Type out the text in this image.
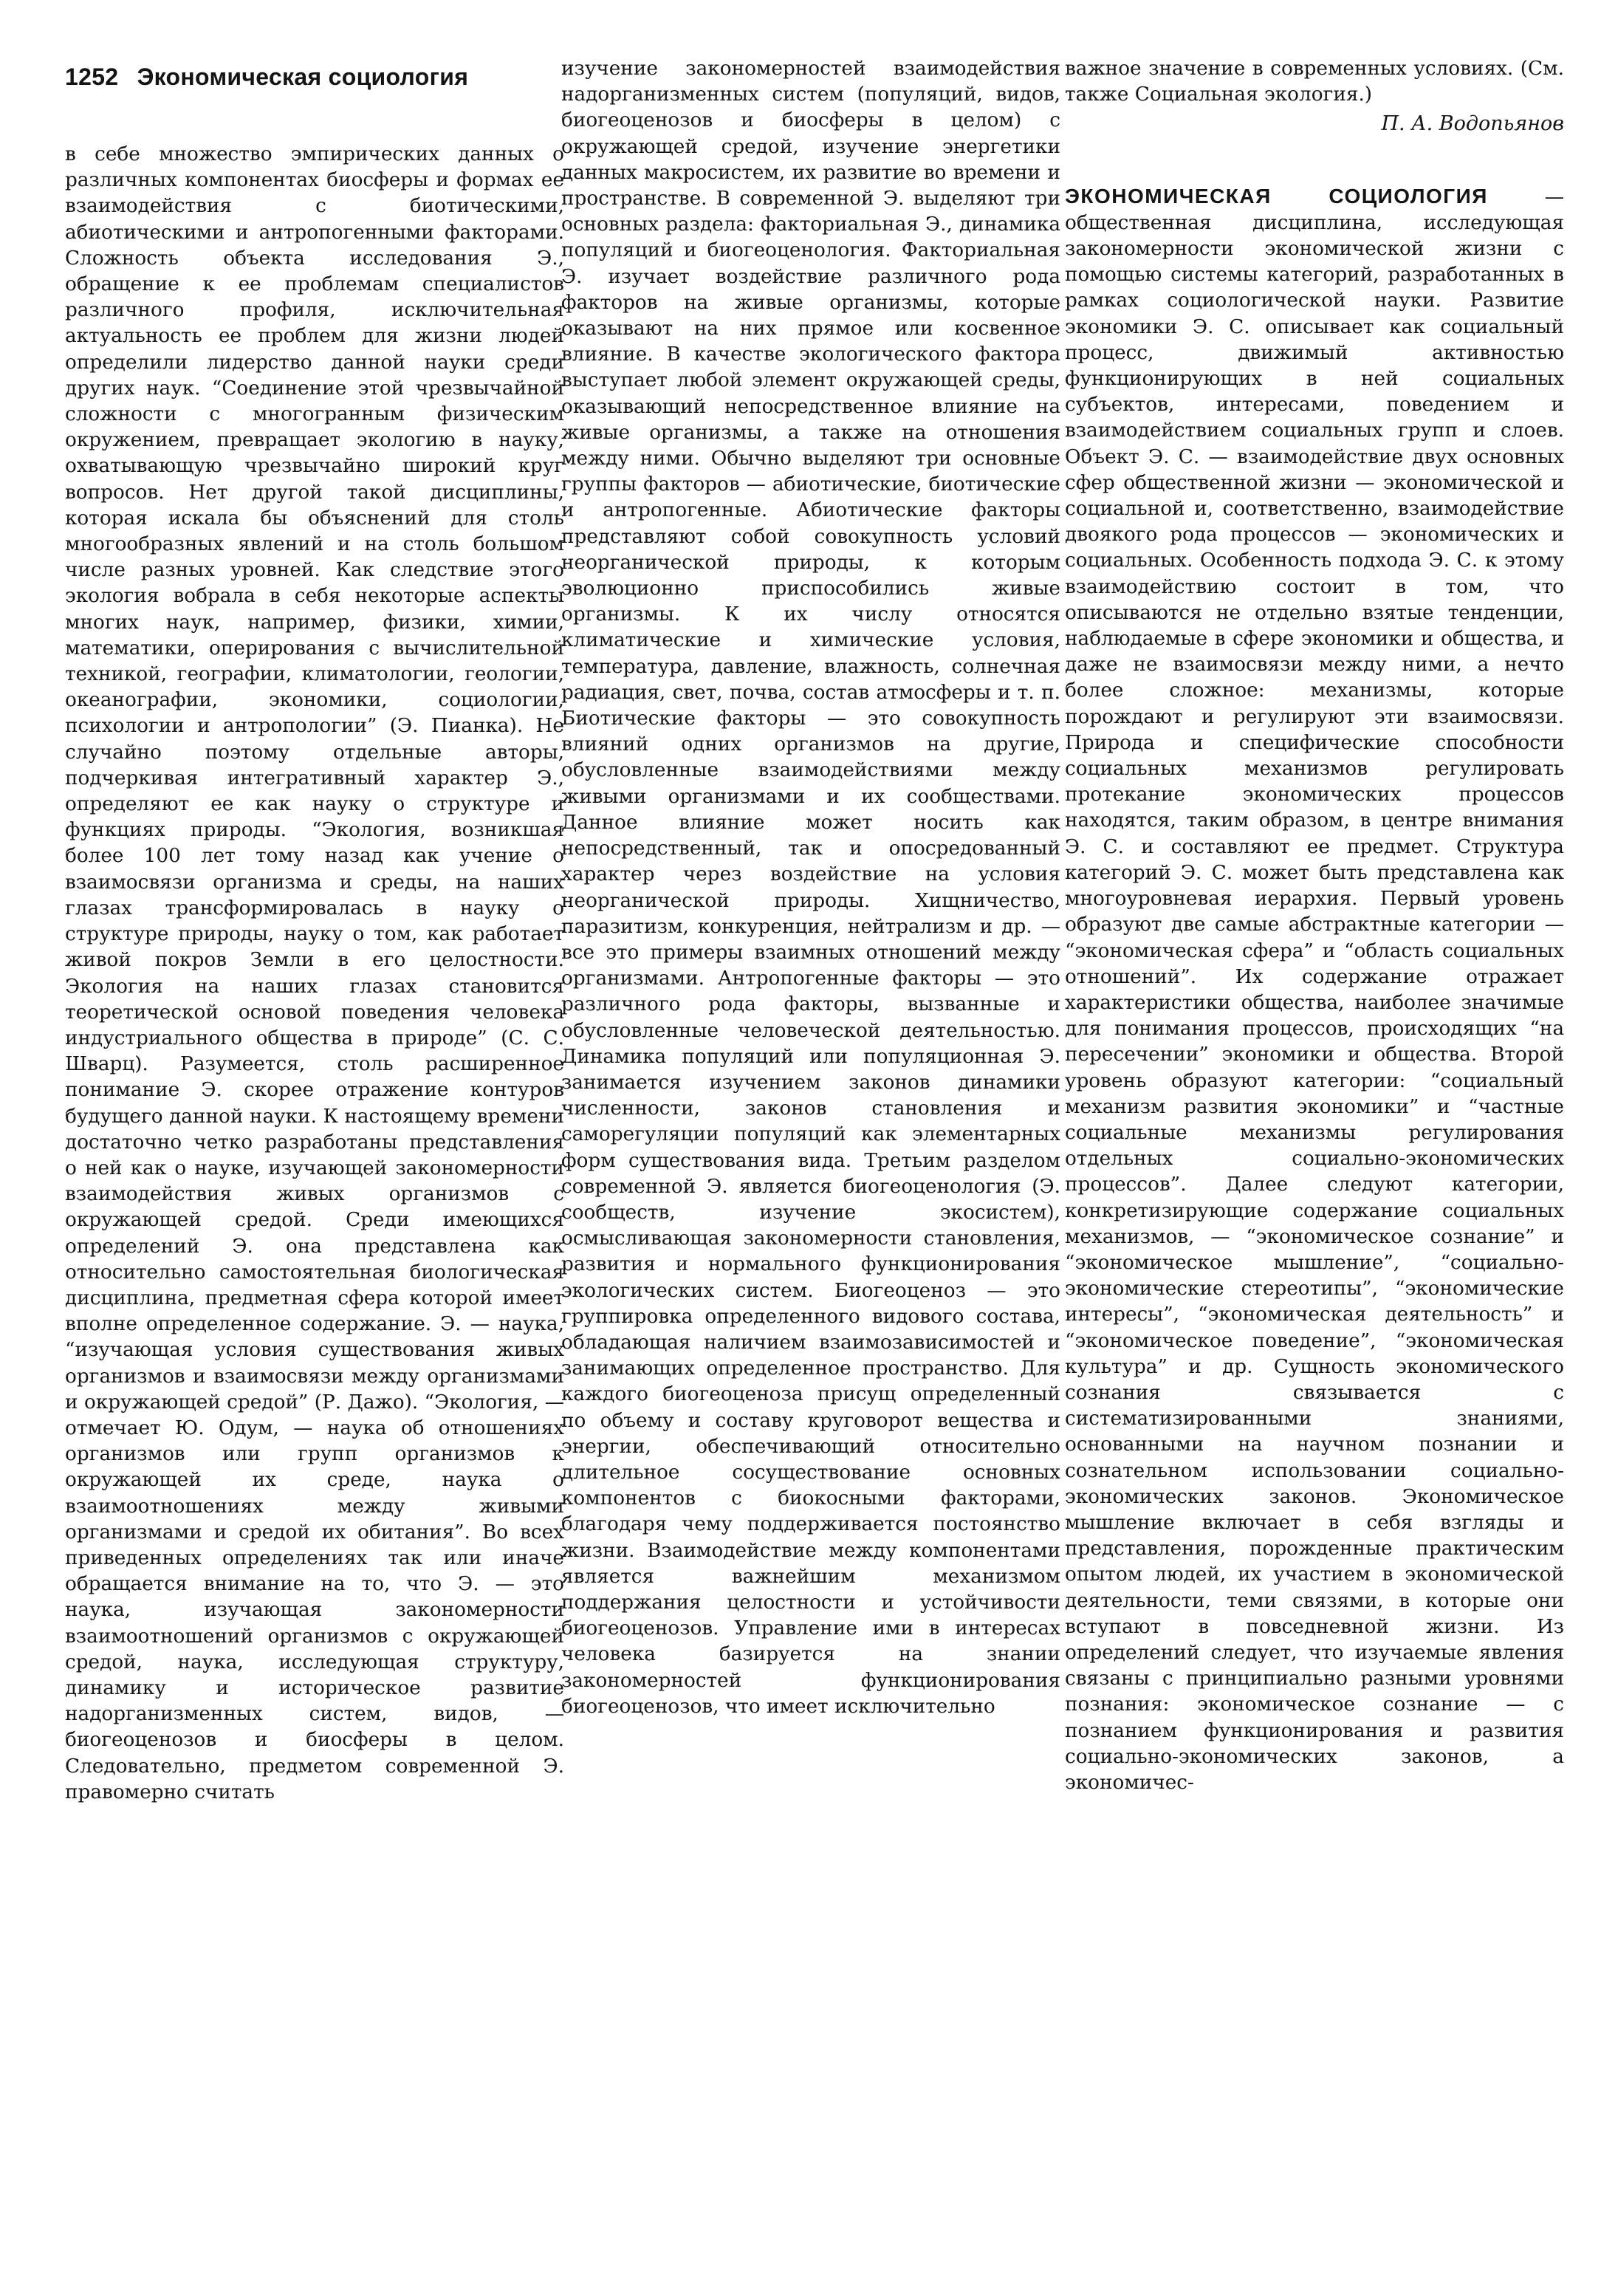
1252 Экономическая социология

в себе множество эмпирических данных о различных компонентах биосферы и формах ее взаимодействия с биотическими, абиотическими и антропогенными факторами. Сложность объекта исследования Э., обращение к ее проблемам специалистов различного профиля, исключительная актуальность ее проблем для жизни людей определили лидерство данной науки среди других наук. “Соединение этой чрезвычайной сложности с многогранным физическим окружением, превращает экологию в науку, охватывающую чрезвычайно широкий круг вопросов. Нет другой такой дисциплины, которая искала бы объяснений для столь многообразных явлений и на столь большом числе разных уровней. Как следствие этого экология вобрала в себя некоторые аспекты многих наук, например, физики, химии, математики, оперирования с вычислительной техникой, географии, климатологии, геологии, океанографии, экономики, социологии, психологии и антропологии” (Э. Пианка). Не случайно поэтому отдельные авторы, подчеркивая интегративный характер Э., определяют ее как науку о структуре и функциях природы. “Экология, возникшая более 100 лет тому назад как учение о взаимосвязи организма и среды, на наших глазах трансформировалась в науку о структуре природы, науку о том, как работает живой покров Земли в его целостности. Экология на наших глазах становится теоретической основой поведения человека индустриального общества в природе” (С. С. Шварц). Разумеется, столь расширенное понимание Э. скорее отражение контуров будущего данной науки. К настоящему времени достаточно четко разработаны представления о ней как о науке, изучающей закономерности взаимодействия живых организмов с окружающей средой. Среди имеющихся определений Э. она представлена как относительно самостоятельная биологическая дисциплина, предметная сфера которой имеет вполне определенное содержание. Э. — наука, “изучающая условия существования живых организмов и взаимосвязи между организмами и окружающей средой” (Р. Дажо). “Экология, — отмечает Ю. Одум, — наука об отношениях организмов или групп организмов к окружающей их среде, наука о взаимоотношениях между живыми организмами и средой их обитания”. Во всех приведенных определениях так или иначе обращается внимание на то, что Э. — это наука, изучающая закономерности взаимоотношений организмов с окружающей средой, наука, исследующая структуру, динамику и историческое развитие надорганизменных систем, видов, — биогеоценозов и биосферы в целом. Следовательно, предметом современной Э. правомерно считать

изучение закономерностей взаимодействия надорганизменных систем (популяций, видов, биогеоценозов и биосферы в целом) с окружающей средой, изучение энергетики данных макросистем, их развитие во времени и пространстве. В современной Э. выделяют три основных раздела: факториальная Э., динамика популяций и биогеоценология. Факториальная Э. изучает воздействие различного рода факторов на живые организмы, которые оказывают на них прямое или косвенное влияние. В качестве экологического фактора выступает любой элемент окружающей среды, оказывающий непосредственное влияние на живые организмы, а также на отношения между ними. Обычно выделяют три основные группы факторов — абиотические, биотические и антропогенные. Абиотические факторы представляют собой совокупность условий неорганической природы, к которым эволюционно приспособились живые организмы. К их числу относятся климатические и химические условия, температура, давление, влажность, солнечная радиация, свет, почва, состав атмосферы и т. п. Биотические факторы — это совокупность влияний одних организмов на другие, обусловленные взаимодействиями между живыми организмами и их сообществами. Данное влияние может носить как непосредственный, так и опосредованный характер через воздействие на условия неорганической природы. Хищничество, паразитизм, конкуренция, нейтрализм и др. — все это примеры взаимных отношений между организмами. Антропогенные факторы — это различного рода факторы, вызванные и обусловленные человеческой деятельностью. Динамика популяций или популяционная Э. занимается изучением законов динамики численности, законов становления и саморегуляции популяций как элементарных форм существования вида. Третьим разделом современной Э. является биогеоценология (Э. сообществ, изучение экосистем), осмысливающая закономерности становления, развития и нормального функционирования экологических систем. Биогеоценоз — это группировка определенного видового состава, обладающая наличием взаимозависимостей и занимающих определенное пространство. Для каждого биогеоценоза присущ определенный по объему и составу круговорот вещества и энергии, обеспечивающий относительно длительное сосуществование основных компонентов с биокосными факторами, благодаря чему поддерживается постоянство жизни. Взаимодействие между компонентами является важнейшим механизмом поддержания целостности и устойчивости биогеоценозов. Управление ими в интересах человека базируется на знании закономерностей функционирования биогеоценозов, что имеет исключительно

важное значение в современных условиях. (См. также Социальная экология.)

П. А. Водопьянов

ЭКОНОМИЧЕСКАЯ СОЦИОЛОГИЯ	— общественная дисциплина, исследующая закономерности экономической жизни с помощью системы категорий, разработанных в рамках социологической науки. Развитие экономики Э. С. описывает как социальный процесс, движимый активностью функционирующих в ней социальных субъектов, интересами, поведением и взаимодействием социальных групп и слоев. Объект Э. С. — взаимодействие двух основных сфер общественной жизни — экономической и социальной и, соответственно, взаимодействие двоякого рода процессов — экономических и социальных. Особенность подхода Э. С. к этому взаимодействию состоит в том, что описываются не отдельно взятые тенденции, наблюдаемые в сфере экономики и общества, и даже не взаимосвязи между ними, а нечто более сложное: механизмы, которые порождают и регулируют эти взаимосвязи. Природа и специфические способности социальных механизмов регулировать протекание экономических процессов находятся, таким образом, в центре внимания Э. С. и составляют ее предмет. Структура категорий Э. С. может быть представлена как многоуровневая иерархия. Первый уровень образуют две самые абстрактные категории — “экономическая сфера” и “область социальных отношений”. Их содержание отражает характеристики общества, наиболее значимые для понимания процессов, происходящих “на пересечении” экономики и общества. Второй уровень образуют категории: “социальный механизм развития экономики” и “частные социальные механизмы регулирования отдельных социально-экономических процессов”. Далее следуют категории, конкретизирующие содержание социальных механизмов, — “экономическое сознание” и “экономическое мышление”, “социально-экономические стереотипы”, “экономические интересы”, “экономическая деятельность” и “экономическое поведение”, “экономическая культура” и др. Сущность экономического сознания связывается с систематизированными знаниями, основанными на научном познании и сознательном использовании социально-экономических законов. Экономическое мышление включает в себя взгляды и представления, порожденные практическим опытом людей, их участием в экономической деятельности, теми связями, в которые они вступают в повседневной жизни. Из определений следует, что изучаемые явления связаны с принципиально разными уровнями познания: экономическое сознание — с познанием функционирования и развития социально-экономических законов, а экономичес-
